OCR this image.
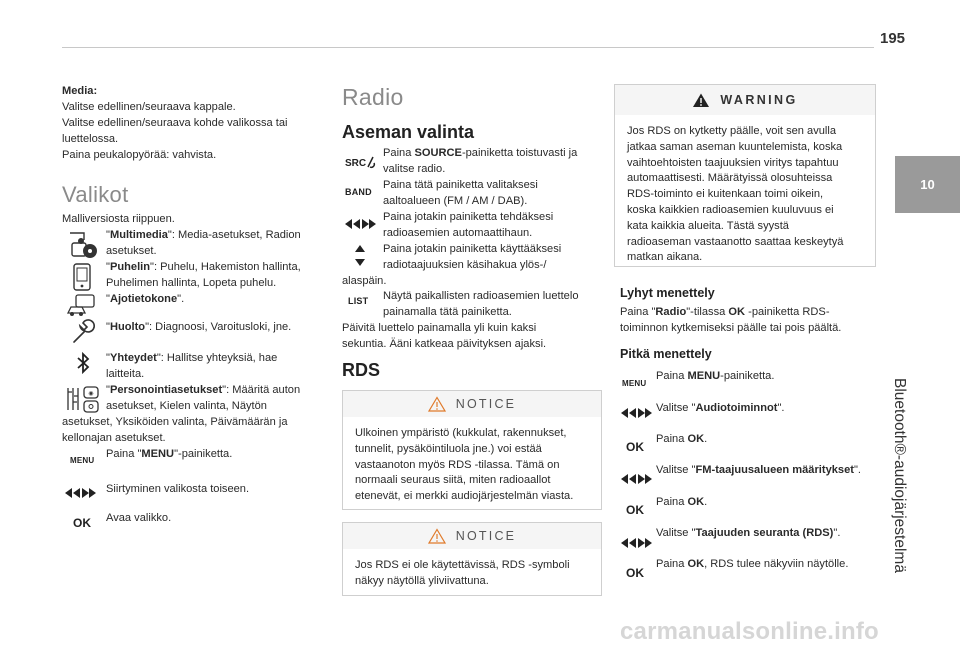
195
10
Bluetooth®-audiojärjestelmä
Media:
Valitse edellinen/seuraava kappale.
Valitse edellinen/seuraava kohde valikossa tai
luettelossa.
Paina peukalopyörää: vahvista.
Valikot
Malliversiosta riippuen.
"Multimedia": Media-asetukset, Radion
asetukset.
"Puhelin": Puhelu, Hakemiston hallinta,
Puhelimen hallinta, Lopeta puhelu.
"Ajotietokone".
"Huolto": Diagnoosi, Varoitusloki, jne.
"Yhteydet": Hallitse yhteyksiä, hae
laitteita.
◉ "Personointiasetukset": Määritä auton
asetukset, Kielen valinta, Näytön
asetukset, Yksiköiden valinta, Päivämäärän ja
kellonajan asetukset.
MENU
Paina "MENU"-painiketta.
Siirtyminen valikosta toiseen.
OK Avaa valikko.
Radio
Aseman valinta
SRC
Paina SOURCE-painiketta toistuvasti ja
valitse radio.
BAND
Paina tätä painiketta valitaksesi
aaltoalueen (FM / AM / DAB).
Paina jotakin painiketta tehdäksesi
radioasemien automaattihaun.
Paina jotakin painiketta käyttääksesi
radiotaajuuksien käsihakua ylös-/
alaspäin.
LIST Näytä paikallisten radioasemien luettelo
painamalla tätä painiketta.
Päivitä luettelo painamalla yli kuin kaksi
sekuntia. Ääni katkeaa päivityksen ajaksi.
RDS
NOTICE
Ulkoinen ympäristö (kukkulat, rakennukset,
tunnelit, pysäköintiluola jne.) voi estää
vastaanoton myös RDS -tilassa. Tämä on
normaali seuraus siitä, miten radioaallot
etenevät, ei merkki audiojärjestelmän viasta.
NOTICE
Jos RDS ei ole käytettävissä, RDS -symboli
näkyy näytöllä yliviivattuna.
WARNING
Jos RDS on kytketty päälle, voit sen avulla
jatkaa saman aseman kuuntelemista, koska
vaihtoehtoisten taajuuksien viritys tapahtuu
automaattisesti. Määrätyissä olosuhteissa
RDS-toiminto ei kuitenkaan toimi oikein,
koska kaikkien radioasemien kuuluvuus ei
kata kaikkia alueita. Tästä syystä
radioaseman vastaanotto saattaa keskeytyä
matkan aikana.
Lyhyt menettely
Paina "Radio"-tilassa OK -painiketta RDS-
toiminnon kytkemiseksi päälle tai pois päältä.
Pitkä menettely
MENU
Paina MENU-painiketta.
Valitse "Audiotoiminnot".
OK
Paina OK.
Valitse "FM-taajuusalueen määritykset".
OK
Paina OK.
Valitse "Taajuuden seuranta (RDS)".
OK
Paina OK, RDS tulee näkyviin näytölle.
carmanualsonline.info
